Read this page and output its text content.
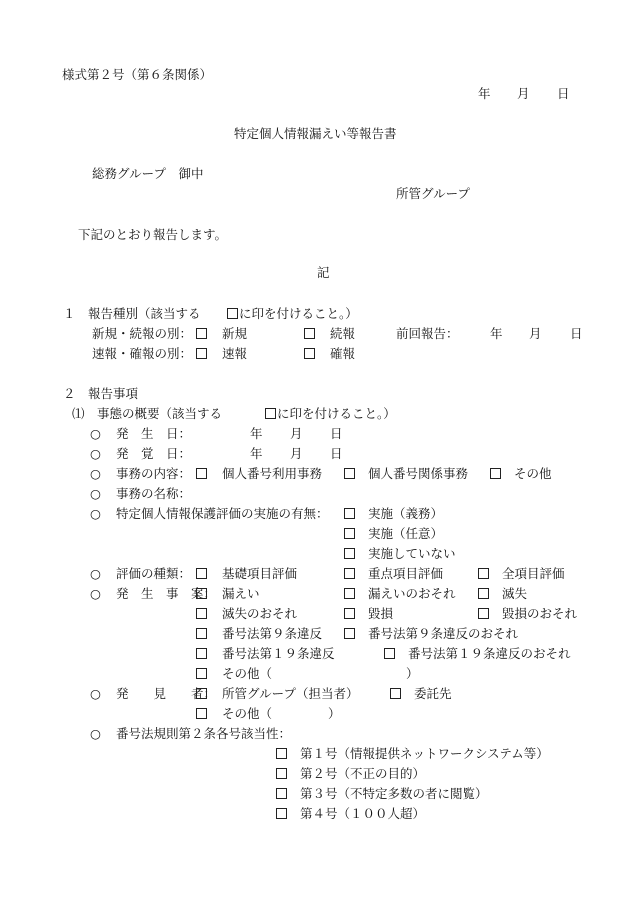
様式第２号（第６条関係）
年 月 日
特定個人情報漏えい等報告書
総務グループ　御中
所管グループ
下記のとおり報告します。
記
１　報告種別（該当する	に印を付けること。）
新規・続報の別： 新規	続報	前回報告：	年 月 日
速報・確報の別： 速報	確報
２　報告事項
⑴　事態の概要（該当する	に印を付けること。）
○ 発　生　日：	年 月 日
○ 発　覚　日：	年 月 日
○ 事務の内容： 個人番号利用事務	個人番号関係事務	その他
○ 事務の名称：
○ 特定個人情報保護評価の実施の有無：	実施（義務）
実施（任意）
実施していない
○ 評価の種類： 基礎項目評価	重点項目評価	全項目評価
○ 発　生　事　案： 漏えい	漏えいのおそれ	滅失
滅失のおそれ	毀損	毀損のおそれ
番号法第９条違反	番号法第９条違反のおそれ
番号法第１９条違反	番号法第１９条違反のおそれ
その他（	）
○ 発　　見　　者： 所管グループ（担当者）	委託先
その他（	）
○ 番号法規則第２条各号該当性：
第１号（情報提供ネットワークシステム等）
第２号（不正の目的）
第３号（不特定多数の者に閲覧）
第４号（１００人超）
